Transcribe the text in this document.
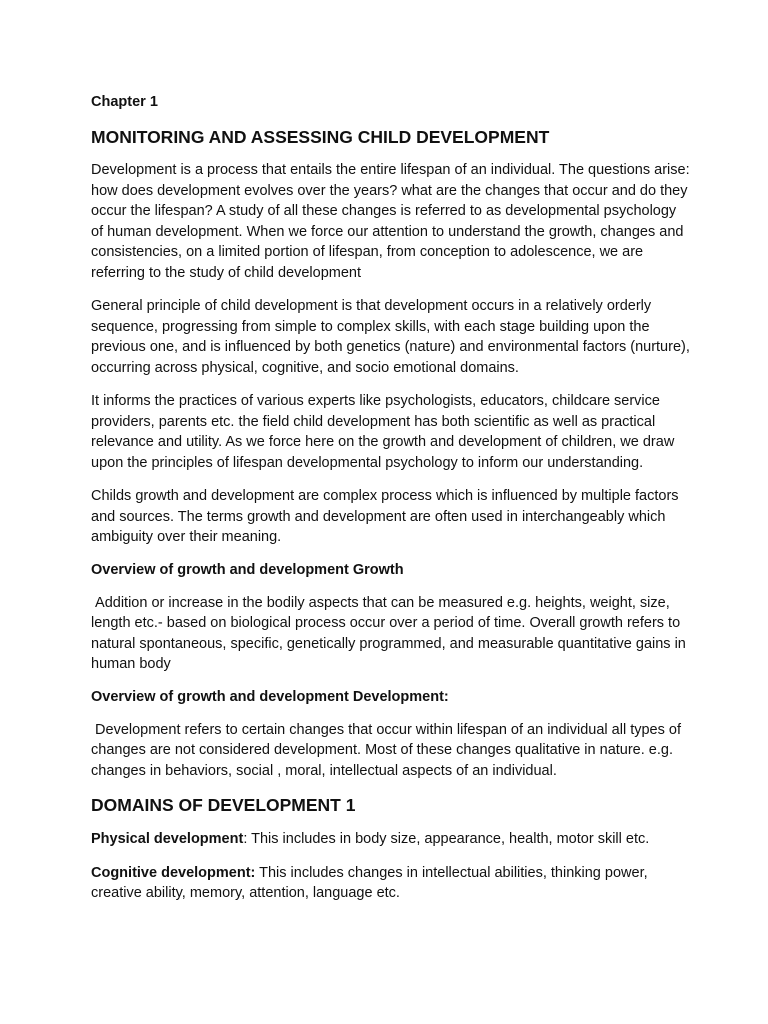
Chapter 1

MONITORING AND ASSESSING CHILD DEVELOPMENT

Development is a process that entails the entire lifespan of an individual. The questions arise: how does development evolves over the years? what are the changes that occur and do they occur the lifespan? A study of all these changes is referred to as developmental psychology of human development. When we force our attention to understand the growth, changes and consistencies, on a limited portion of lifespan, from conception to adolescence, we are referring to the study of child development

General principle of child development is that development occurs in a relatively orderly sequence, progressing from simple to complex skills, with each stage building upon the previous one, and is influenced by both genetics (nature) and environmental factors (nurture), occurring across physical, cognitive, and socio emotional domains.

It informs the practices of various experts like psychologists, educators, childcare service providers, parents etc. the field child development has both scientific as well as practical relevance and utility. As we force here on the growth and development of children, we draw upon the principles of lifespan developmental psychology to inform our understanding.

Childs growth and development are complex process which is influenced by multiple factors and sources. The terms growth and development are often used in interchangeably which ambiguity over their meaning.

Overview of growth and development Growth

Addition or increase in the bodily aspects that can be measured e.g. heights, weight, size, length etc.- based on biological process occur over a period of time. Overall growth refers to natural spontaneous, specific, genetically programmed, and measurable quantitative gains in human body

Overview of growth and development Development:

Development refers to certain changes that occur within lifespan of an individual all types of changes are not considered development. Most of these changes qualitative in nature. e.g. changes in behaviors, social , moral, intellectual aspects of an individual.

DOMAINS OF DEVELOPMENT 1

Physical development: This includes in body size, appearance, health, motor skill etc.

Cognitive development: This includes changes in intellectual abilities, thinking power, creative ability, memory, attention, language etc.
